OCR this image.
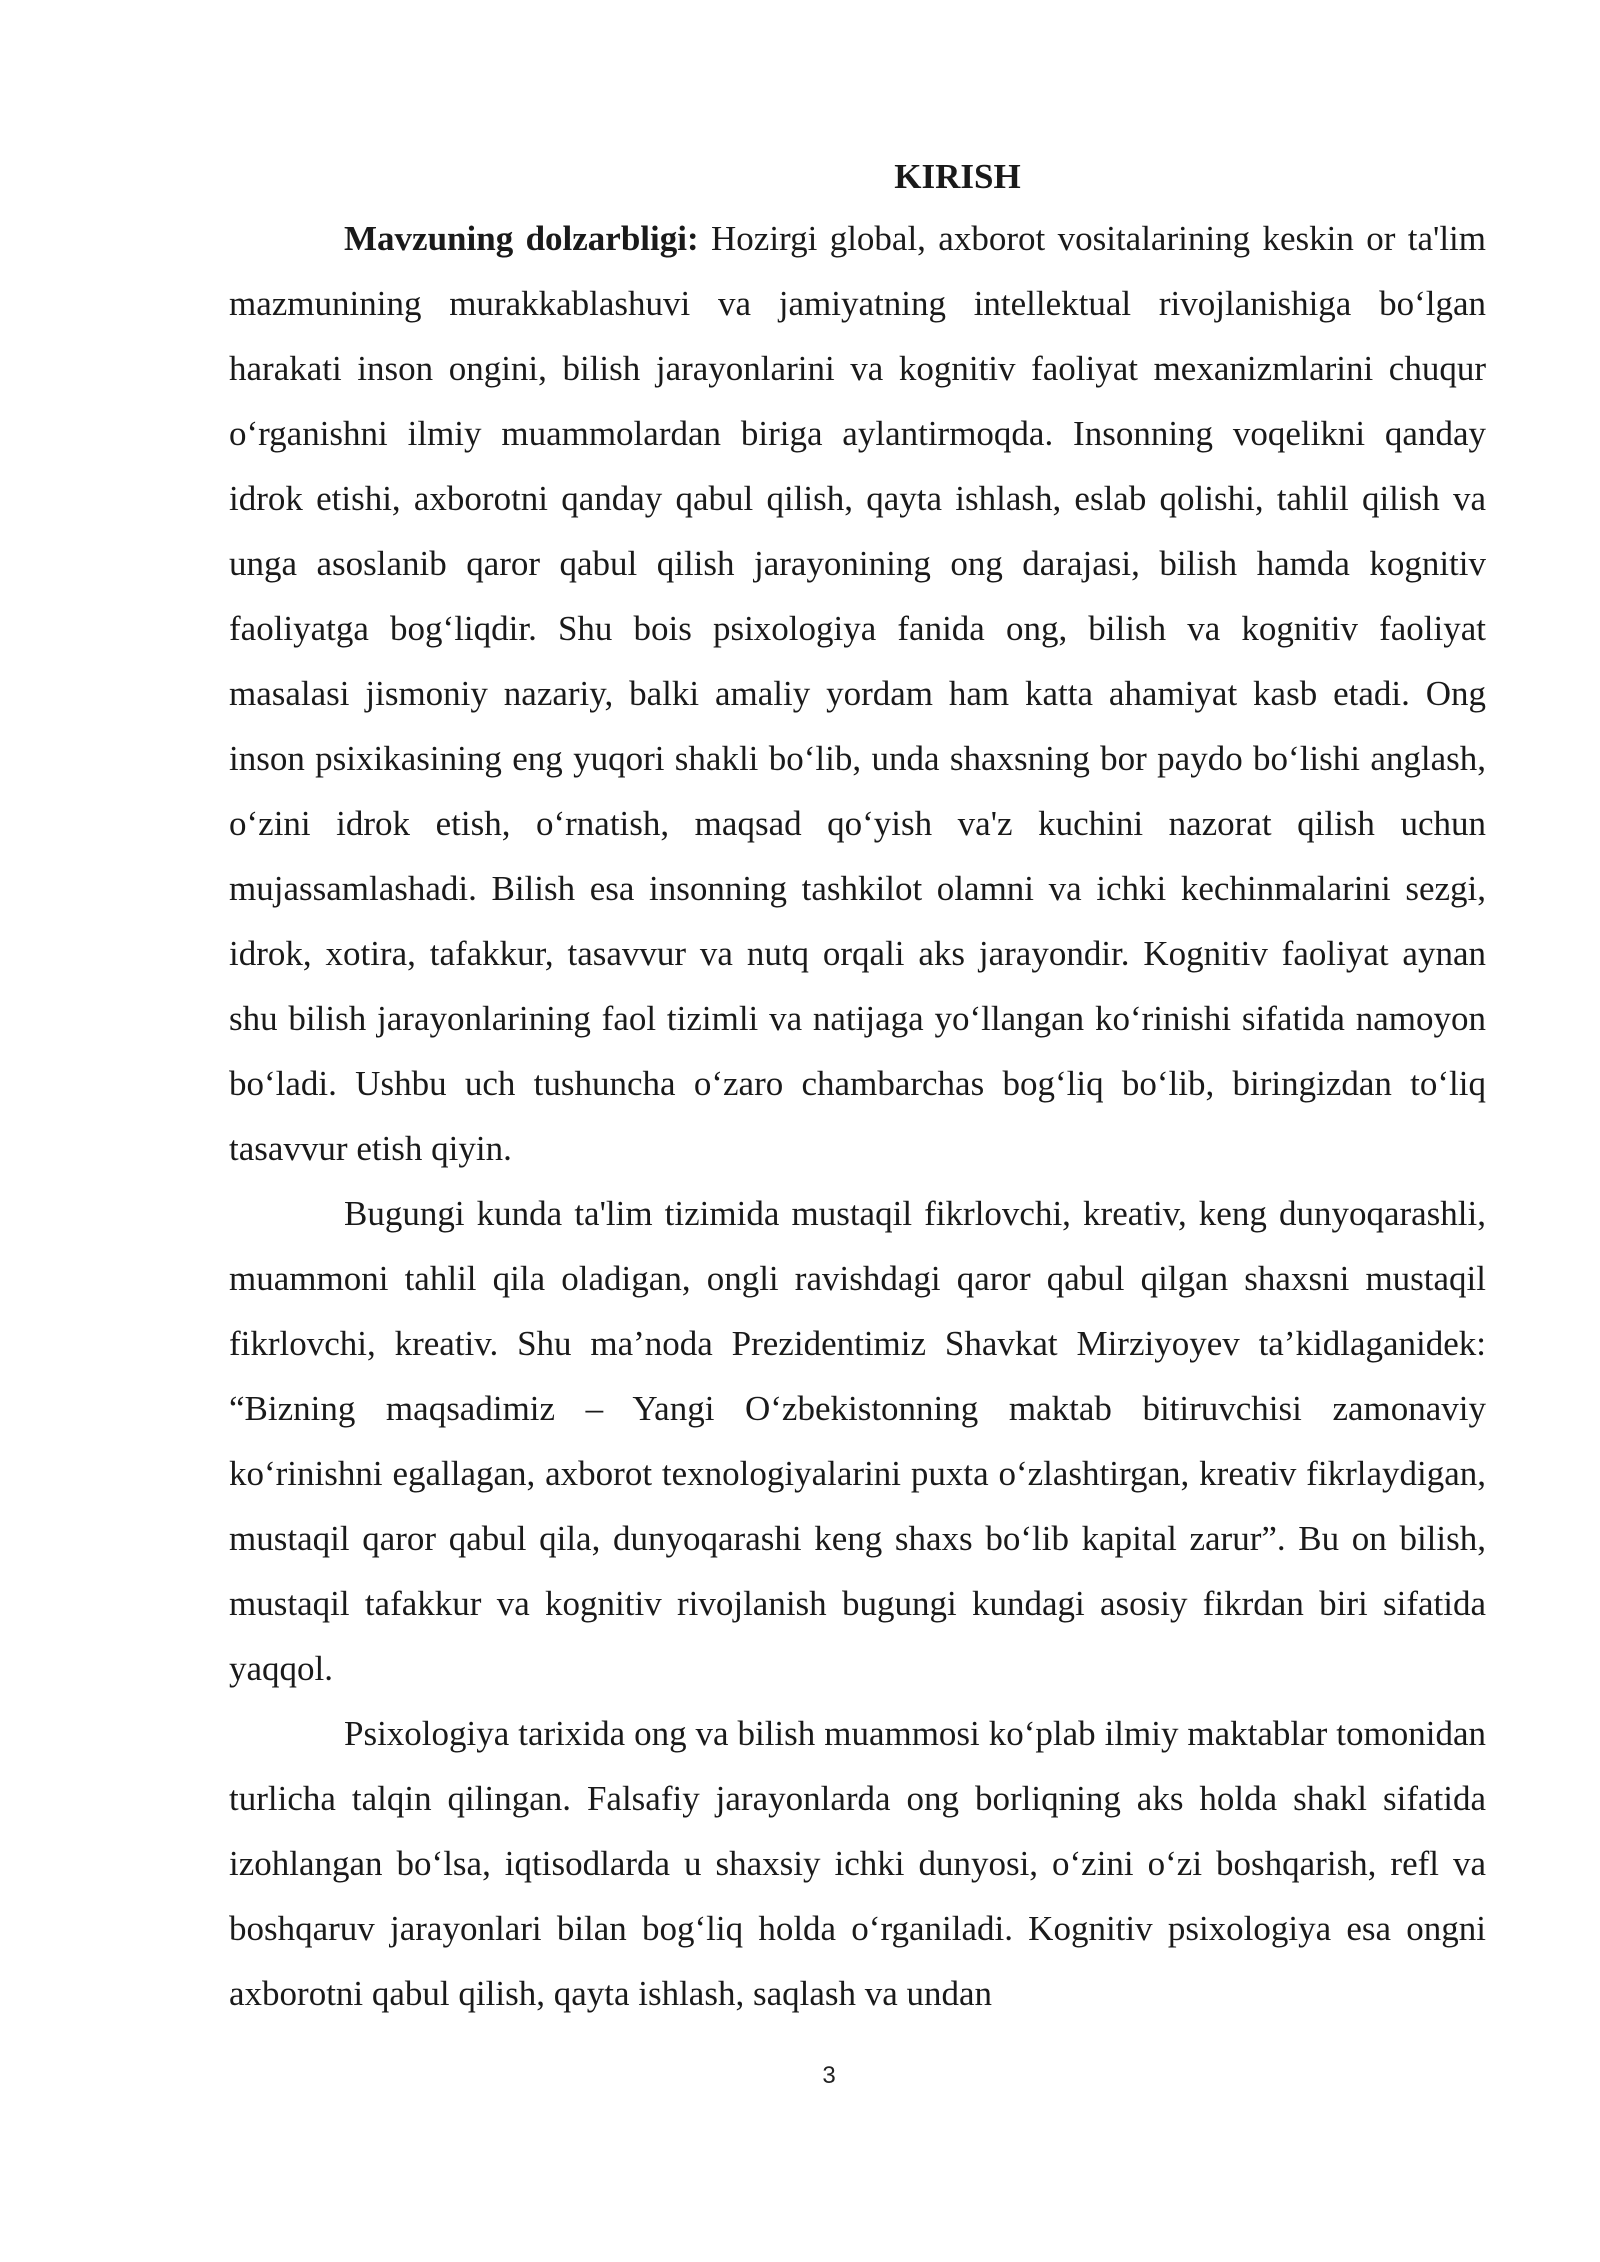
KIRISH

Mavzuning dolzarbligi: Hozirgi global, axborot vositalarining keskin or ta'lim mazmunining murakkablashuvi va jamiyatning intellektual rivojlanishiga bo‘lgan harakati inson ongini, bilish jarayonlarini va kognitiv faoliyat mexanizmlarini chuqur o‘rganishni ilmiy muammolardan biriga aylantirmoqda. Insonning voqelikni qanday idrok etishi, axborotni qanday qabul qilish, qayta ishlash, eslab qolishi, tahlil qilish va unga asoslanib qaror qabul qilish jarayonining ong darajasi, bilish hamda kognitiv faoliyatga bog‘liqdir. Shu bois psixologiya fanida ong, bilish va kognitiv faoliyat masalasi jismoniy nazariy, balki amaliy yordam ham katta ahamiyat kasb etadi. Ong inson psixikasining eng yuqori shakli bo‘lib, unda shaxsning bor paydo bo‘lishi anglash, o‘zini idrok etish, o‘rnatish, maqsad qo‘yish va'z kuchini nazorat qilish uchun mujassamlashadi. Bilish esa insonning tashkilot olamni va ichki kechinmalarini sezgi, idrok, xotira, tafakkur, tasavvur va nutq orqali aks jarayondir. Kognitiv faoliyat aynan shu bilish jarayonlarining faol tizimli va natijaga yo‘llangan ko‘rinishi sifatida namoyon bo‘ladi. Ushbu uch tushuncha o‘zaro chambarchas bog‘liq bo‘lib, biringizdan to‘liq tasavvur etish qiyin.

Bugungi kunda ta'lim tizimida mustaqil fikrlovchi, kreativ, keng dunyoqarashli, muammoni tahlil qila oladigan, ongli ravishdagi qaror qabul qilgan shaxsni mustaqil fikrlovchi, kreativ. Shu ma’noda Prezidentimiz Shavkat Mirziyoyev ta’kidlaganidek: “Bizning maqsadimiz – Yangi O‘zbekistonning maktab bitiruvchisi zamonaviy ko‘rinishni egallagan, axborot texnologiyalarini puxta o‘zlashtirgan, kreativ fikrlaydigan, mustaqil qaror qabul qila, dunyoqarashi keng shaxs bo‘lib kapital zarur”. Bu on bilish, mustaqil tafakkur va kognitiv rivojlanish bugungi kundagi asosiy fikrdan biri sifatida yaqqol.

Psixologiya tarixida ong va bilish muammosi ko‘plab ilmiy maktablar tomonidan turlicha talqin qilingan. Falsafiy jarayonlarda ong borliqning aks holda shakl sifatida izohlangan bo‘lsa, iqtisodlarda u shaxsiy ichki dunyosi, o‘zini o‘zi boshqarish, refl va boshqaruv jarayonlari bilan bog‘liq holda o‘rganiladi. Kognitiv psixologiya esa ongni axborotni qabul qilish, qayta ishlash, saqlash va undan

3
